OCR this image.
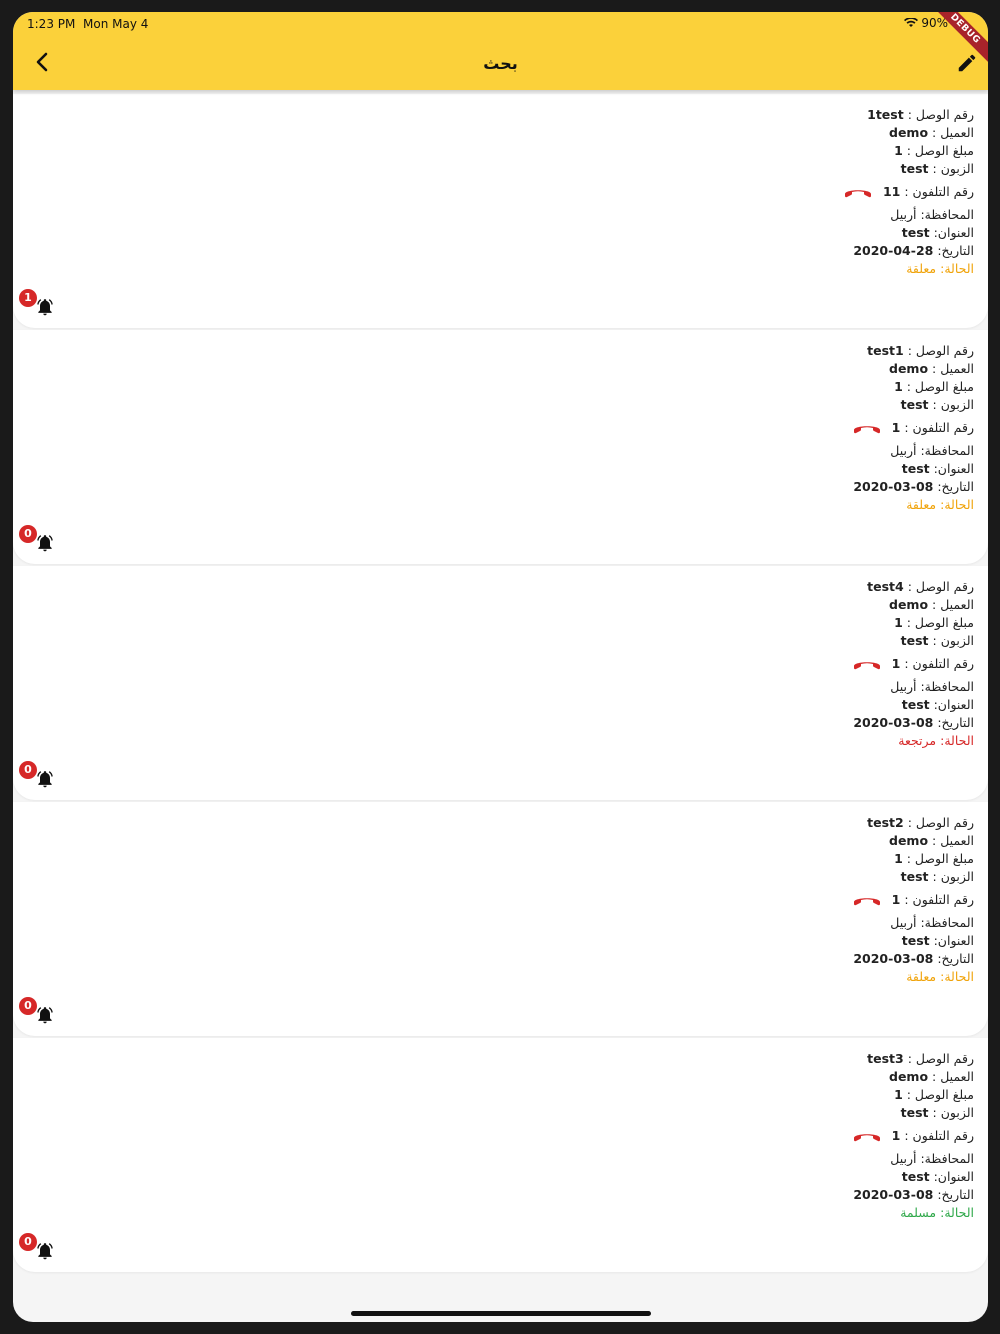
1:23 PM Mon May 4	90% DEBUG
بحث
رقم الوصل : 1test
العميل : demo
مبلغ الوصل : 1
الزبون : test
رقم التلفون : 11
المحافظة: أربيل
العنوان: test
التاريخ: 28-04-2020
الحالة: معلقة
1
رقم الوصل : test1
العميل : demo
مبلغ الوصل : 1
الزبون : test
رقم التلفون : 1
المحافظة: أربيل
العنوان: test
التاريخ: 08-03-2020
الحالة: معلقة
0
رقم الوصل : test4
العميل : demo
مبلغ الوصل : 1
الزبون : test
رقم التلفون : 1
المحافظة: أربيل
العنوان: test
التاريخ: 08-03-2020
الحالة: مرتجعة
0
رقم الوصل : test2
العميل : demo
مبلغ الوصل : 1
الزبون : test
رقم التلفون : 1
المحافظة: أربيل
العنوان: test
التاريخ: 08-03-2020
الحالة: معلقة
0
رقم الوصل : test3
العميل : demo
مبلغ الوصل : 1
الزبون : test
رقم التلفون : 1
المحافظة: أربيل
العنوان: test
التاريخ: 08-03-2020
الحالة: مسلمة
0
